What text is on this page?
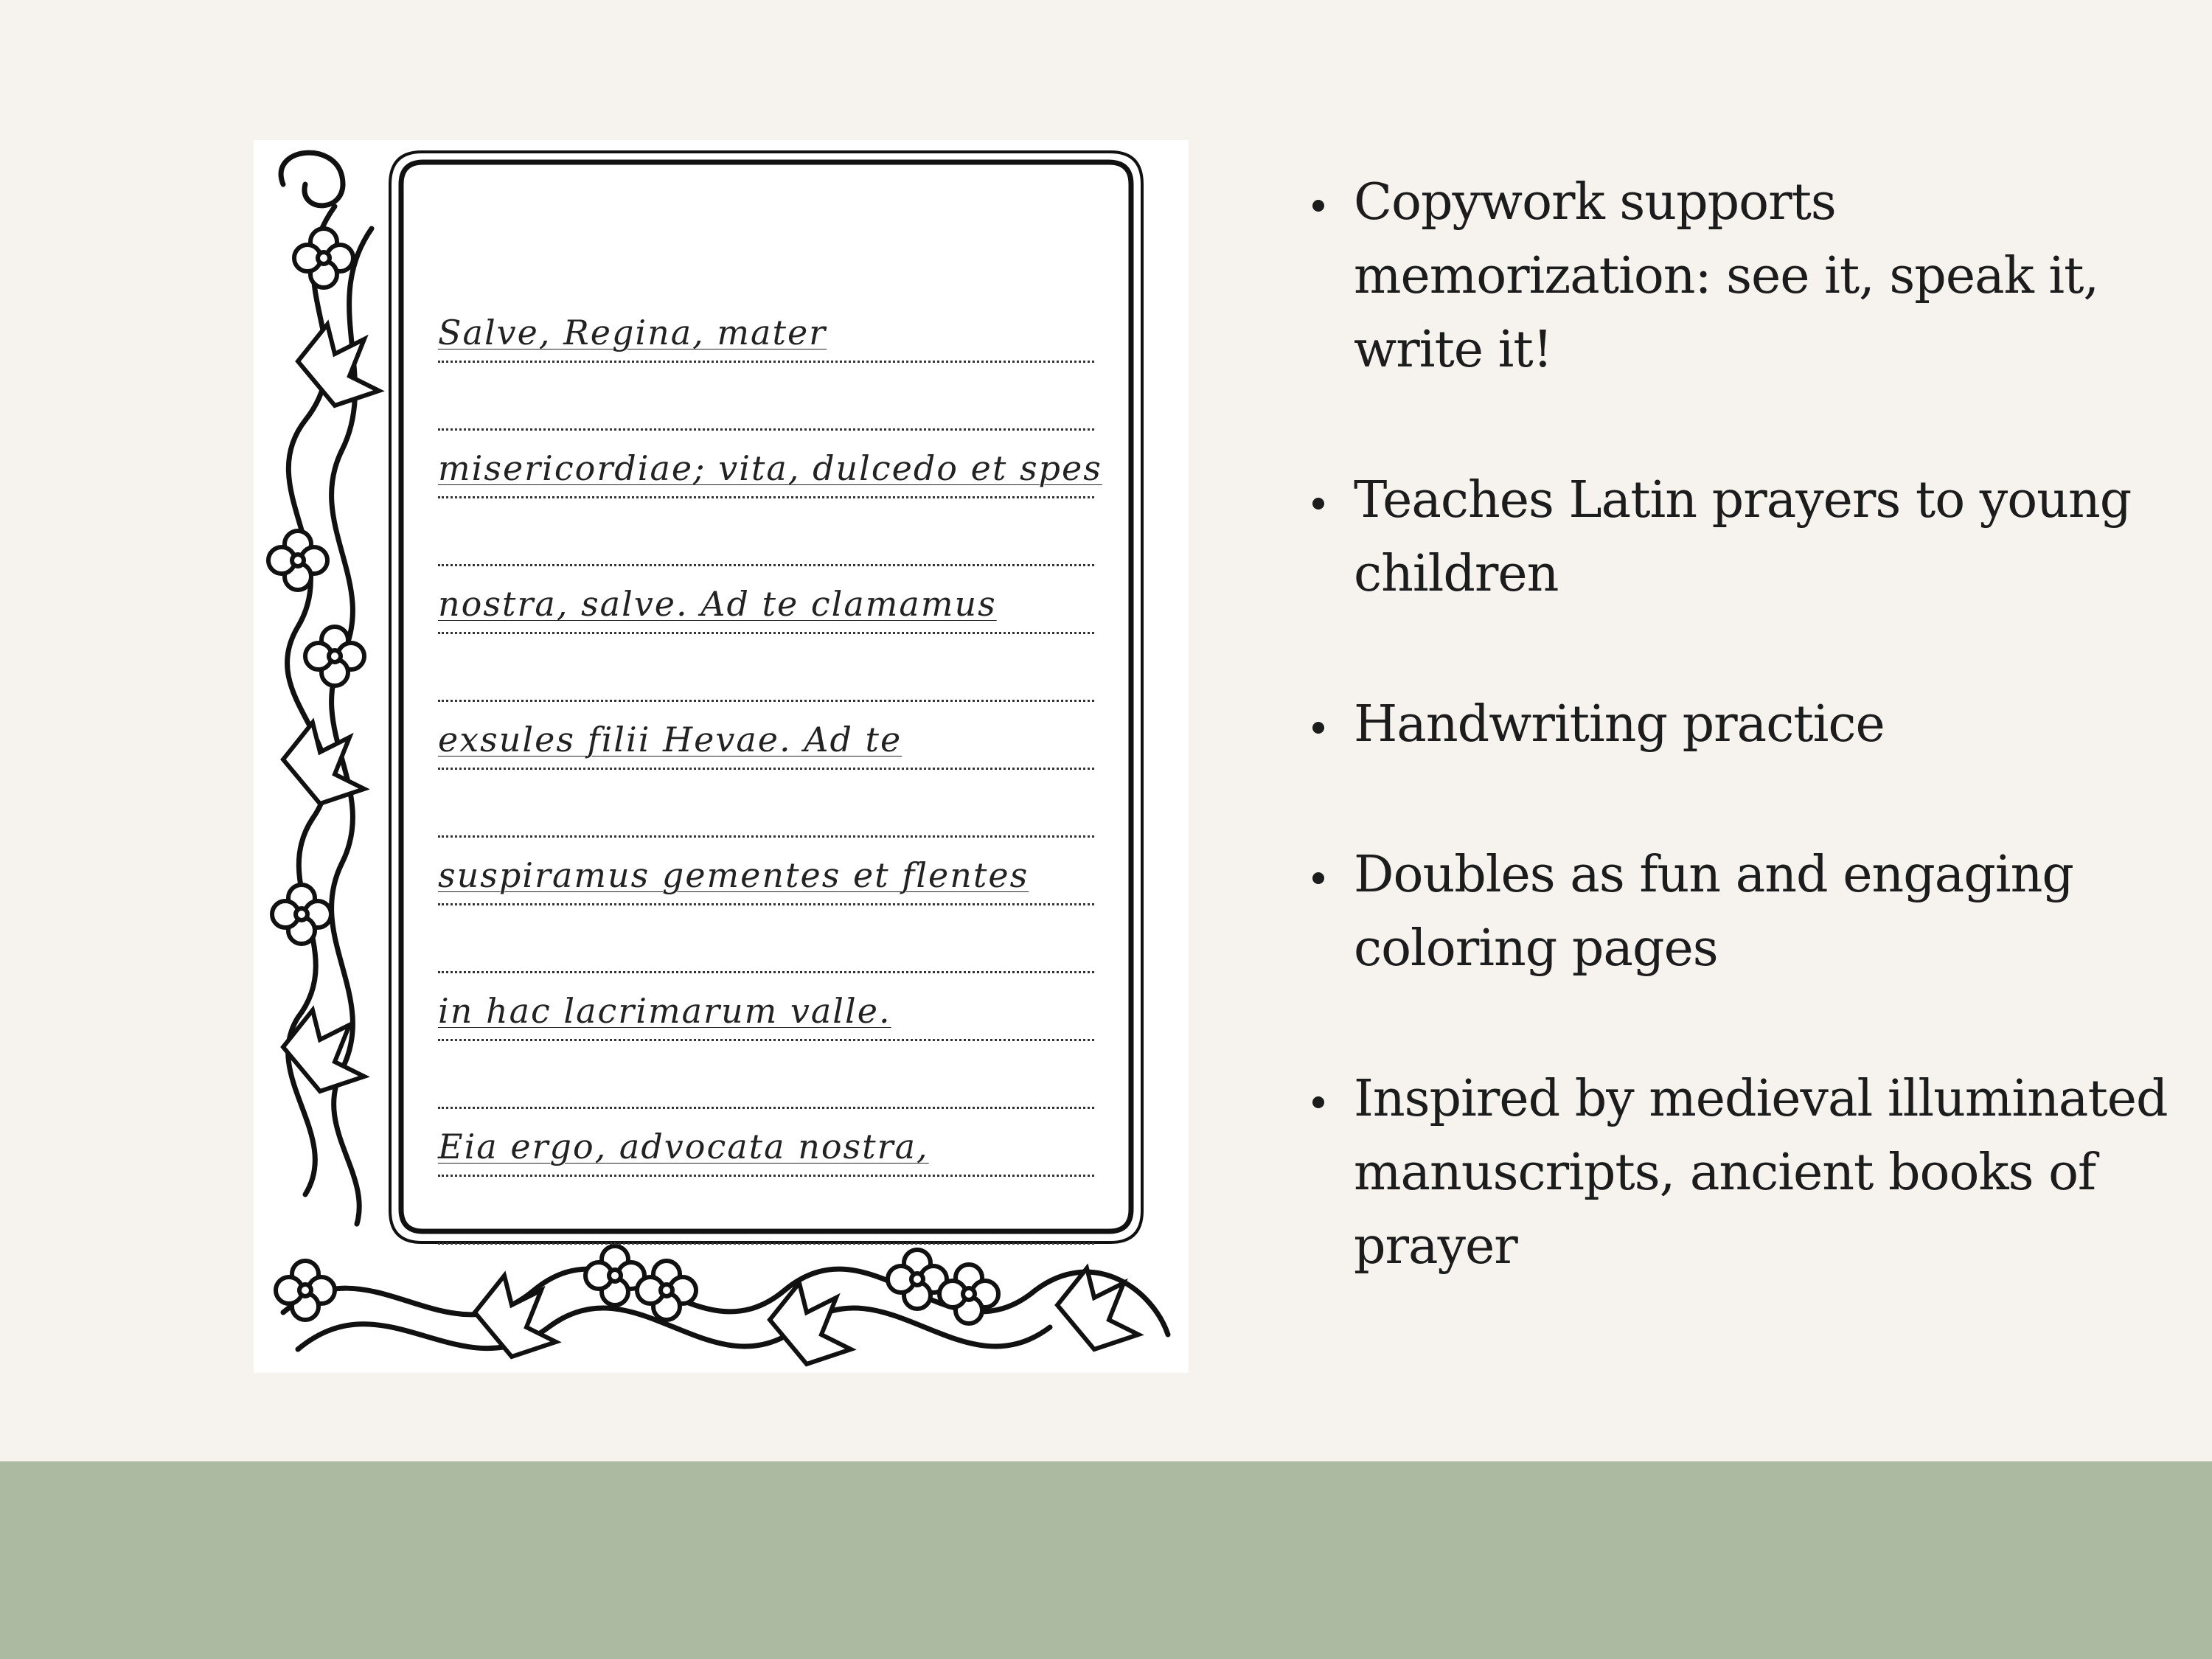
Salve, Regina, mater
misericordiae; vita, dulcedo et spes
nostra, salve. Ad te clamamus
exsules filii Hevae. Ad te
suspiramus gementes et flentes
in hac lacrimarum valle.
Eia ergo, advocata nostra,
Copywork supports memorization: see it, speak it, write it!
Teaches Latin prayers to young children
Handwriting practice
Doubles as fun and engaging coloring pages
Inspired by medieval illuminated manuscripts, ancient books of prayer
